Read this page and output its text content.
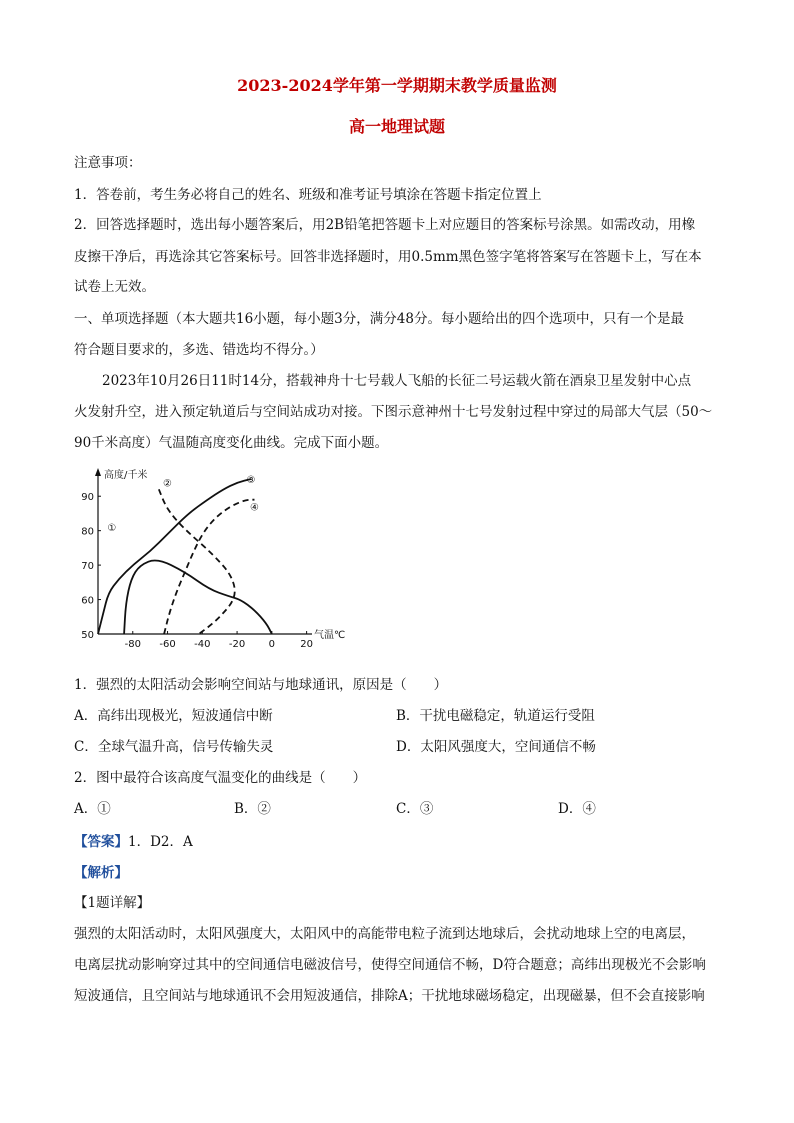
2023-2024学年第一学期期末教学质量监测
高一地理试题
注意事项：
1．答卷前，考生务必将自己的姓名、班级和准考证号填涂在答题卡指定位置上
2．回答选择题时，选出每小题答案后，用2B铅笔把答题卡上对应题目的答案标号涂黑。如需改动，用橡
皮擦干净后，再选涂其它答案标号。回答非选择题时，用0.5mm黑色签字笔将答案写在答题卡上，写在本
试卷上无效。
一、单项选择题（本大题共16小题，每小题3分，满分48分。每小题给出的四个选项中，只有一个是最
符合题目要求的，多选、错选均不得分。）
2023年10月26日11时14分，搭载神舟十七号载人飞船的长征二号运载火箭在酒泉卫星发射中心点
火发射升空，进入预定轨道后与空间站成功对接。下图示意神州十七号发射过程中穿过的局部大气层（50～
90千米高度）气温随高度变化曲线。完成下面小题。
高度/千米
气温℃
50
60
70
80
90
-80 -60 -40 -20 0	20
①
②	③
④
1．强烈的太阳活动会影响空间站与地球通讯，原因是（　　）
A．高纬出现极光，短波通信中断	B．干扰电磁稳定，轨道运行受阻
C．全球气温升高，信号传输失灵	D．太阳风强度大，空间通信不畅
2．图中最符合该高度气温变化的曲线是（　　）
A．①	B．②	C．③	D．④
【答案】1．D2．A
【解析】
【1题详解】
强烈的太阳活动时，太阳风强度大，太阳风中的高能带电粒子流到达地球后，会扰动地球上空的电离层，
电离层扰动影响穿过其中的空间通信电磁波信号，使得空间通信不畅，D符合题意；高纬出现极光不会影响
短波通信，且空间站与地球通讯不会用短波通信，排除A；干扰地球磁场稳定，出现磁暴，但不会直接影响
